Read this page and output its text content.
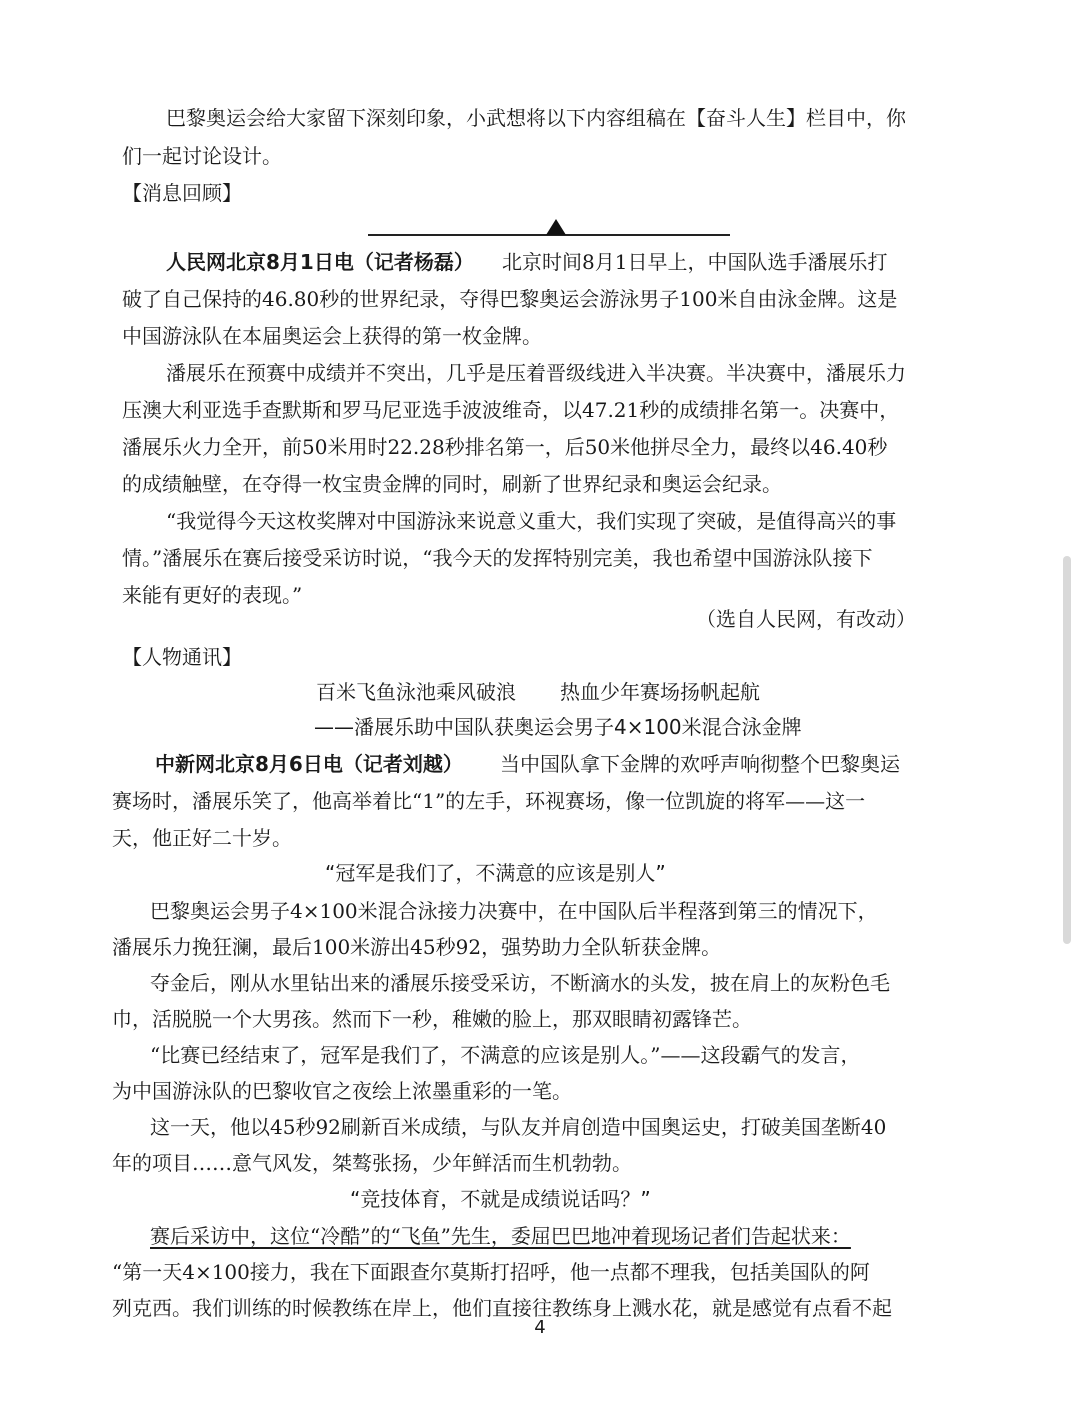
巴黎奥运会给大家留下深刻印象，小武想将以下内容组稿在【奋斗人生】栏目中，你
们一起讨论设计。
【消息回顾】
人民网北京8月1日电（记者杨磊） 北京时间8月1日早上，中国队选手潘展乐打
破了自己保持的46.80秒的世界纪录，夺得巴黎奥运会游泳男子100米自由泳金牌。这是
中国游泳队在本届奥运会上获得的第一枚金牌。
潘展乐在预赛中成绩并不突出，几乎是压着晋级线进入半决赛。半决赛中，潘展乐力
压澳大利亚选手查默斯和罗马尼亚选手波波维奇，以47.21秒的成绩排名第一。决赛中，
潘展乐火力全开，前50米用时22.28秒排名第一，后50米他拼尽全力，最终以46.40秒
的成绩触壁，在夺得一枚宝贵金牌的同时，刷新了世界纪录和奥运会纪录。
“我觉得今天这枚奖牌对中国游泳来说意义重大，我们实现了突破，是值得高兴的事
情。”潘展乐在赛后接受采访时说，“我今天的发挥特别完美，我也希望中国游泳队接下
来能有更好的表现。”
（选自人民网，有改动）
【人物通讯】
百米飞鱼泳池乘风破浪 热血少年赛场扬帆起航
——潘展乐助中国队获奥运会男子4×100米混合泳金牌
中新网北京8月6日电（记者刘越） 当中国队拿下金牌的欢呼声响彻整个巴黎奥运
赛场时，潘展乐笑了，他高举着比“1”的左手，环视赛场，像一位凯旋的将军——这一
天，他正好二十岁。
“冠军是我们了，不满意的应该是别人”
巴黎奥运会男子4×100米混合泳接力决赛中，在中国队后半程落到第三的情况下，
潘展乐力挽狂澜，最后100米游出45秒92，强势助力全队斩获金牌。
夺金后，刚从水里钻出来的潘展乐接受采访，不断滴水的头发，披在肩上的灰粉色毛
巾，活脱脱一个大男孩。然而下一秒，稚嫩的脸上，那双眼睛初露锋芒。
“比赛已经结束了，冠军是我们了，不满意的应该是别人。”——这段霸气的发言，
为中国游泳队的巴黎收官之夜绘上浓墨重彩的一笔。
这一天，他以45秒92刷新百米成绩，与队友并肩创造中国奥运史，打破美国垄断40
年的项目……意气风发，桀骜张扬，少年鲜活而生机勃勃。
“竞技体育，不就是成绩说话吗？”
赛后采访中，这位“冷酷”的“飞鱼”先生，委屈巴巴地冲着现场记者们告起状来：
“第一天4×100接力，我在下面跟查尔莫斯打招呼，他一点都不理我，包括美国队的阿
列克西。我们训练的时候教练在岸上，他们直接往教练身上溅水花，就是感觉有点看不起
4
